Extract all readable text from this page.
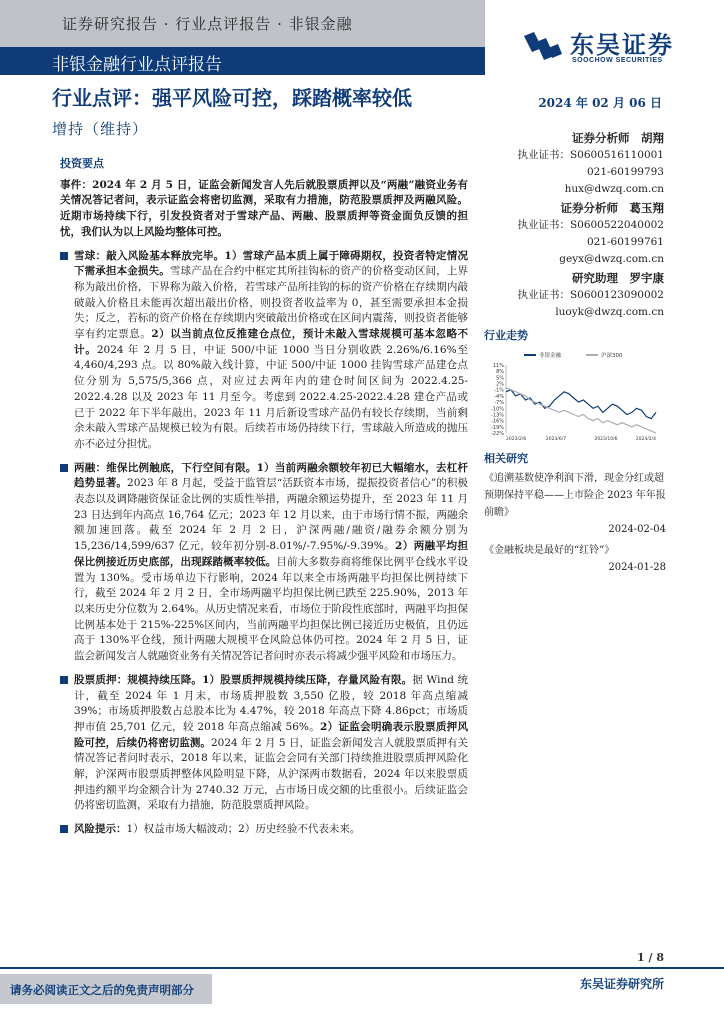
证券研究报告 · 行业点评报告 · 非银金融
非银金融行业点评报告
东吴证券
SOOCHOW SECURITIES
行业点评：强平风险可控，踩踏概率较低	2024 年 02 月 06 日
增持（维持）	证券分析师　胡翔
执业证书：S0600516110001
021-60199793
hux@dwzq.com.cn
证券分析师　葛玉翔
执业证书：S0600522040002
021-60199761
geyx@dwzq.com.cn
研究助理　罗宇康
执业证书：S0600123090002
luoyk@dwzq.com.cn
投资要点
事件：2024 年 2 月 5 日，证监会新闻发言人先后就股票质押以及“两融”融资业务有关情况答记者问，表示证监会将密切监测，采取有力措施，防范股票质押及两融风险。近期市场持续下行，引发投资者对于雪球产品、两融、股票质押等资金面负反馈的担忧，我们认为以上风险均整体可控。
雪球：敲入风险基本释放完毕。1）雪球产品本质上属于障碍期权，投资者特定情况下需承担本金损失。雪球产品在合约中框定其所挂钩标的资产的价格变动区间，上界称为敲出价格，下界称为敲入价格，若雪球产品所挂钩的标的资产价格在存续期内敲破敲入价格且未能再次超出敲出价格，则投资者收益率为 0，甚至需要承担本金损失；反之，若标的资产价格在存续期内突破敲出价格或在区间内震荡，则投资者能够享有约定票息。2）以当前点位反推建仓点位，预计未敲入雪球规模可基本忽略不计。2024 年 2 月 5 日，中证 500/中证 1000 当日分别收跌 2.26%/6.16%至 4,460/4,293 点。以 80%敲入线计算，中证 500/中证 1000 挂钩雪球产品建仓点位分别为 5,575/5,366 点，对应过去两年内的建仓时间区间为 2022.4.25-2022.4.28 以及 2023 年 11 月至今。考虑到 2022.4.25-2022.4.28 建仓产品或已于 2022 年下半年敲出，2023 年 11 月后新设雪球产品仍有较长存续期，当前剩余未敲入雪球产品规模已较为有限。后续若市场仍持续下行，雪球敲入所造成的抛压亦不必过分担忧。
两融：维保比例触底，下行空间有限。1）当前两融余额较年初已大幅缩水，去杠杆趋势显著。2023 年 8 月起，受益于监管层“活跃资本市场，提振投资者信心”的积极表态以及调降融资保证金比例的实质性举措，两融余额运势提升，至 2023 年 11 月 23 日达到年内高点 16,764 亿元；2023 年 12 月以来，由于市场行情不振，两融余额加速回落。截至 2024 年 2 月 2 日，沪深两融/融资/融券余额分别为 15,236/14,599/637 亿元，较年初分别-8.01%/-7.95%/-9.39%。2）两融平均担保比例接近历史底部，出现踩踏概率较低。目前大多数券商将维保比例平仓线水平设置为 130%。受市场单边下行影响，2024 年以来全市场两融平均担保比例持续下行，截至 2024 年 2 月 2 日，全市场两融平均担保比例已跌至 225.90%，2013 年以来历史分位数为 2.64%。从历史情况来看，市场位于阶段性底部时，两融平均担保比例基本处于 215%-225%区间内，当前两融平均担保比例已接近历史极值，且仍远高于 130%平仓线，预计两融大规模平仓风险总体仍可控。2024 年 2 月 5 日，证监会新闻发言人就融资业务有关情况答记者问时亦表示将减少强平风险和市场压力。
股票质押：规模持续压降。1）股票质押规模持续压降，存量风险有限。据 Wind 统计，截至 2024 年 1 月末，市场质押股数 3,550 亿股，较 2018 年高点缩减 39%；市场质押股数占总股本比为 4.47%，较 2018 年高点下降 4.86pct；市场质押市值 25,701 亿元，较 2018 年高点缩减 56%。2）证监会明确表示股票质押风险可控，后续仍将密切监测。2024 年 2 月 5 日，证监会新闻发言人就股票质押有关情况答记者问时表示，2018 年以来，证监会会同有关部门持续推进股票质押风险化解，沪深两市股票质押整体风险明显下降，从沪深两市数据看，2024 年以来股票质押违约额平均金额合计为 2740.32 万元，占市场日成交额的比重很小。后续证监会仍将密切监测，采取有力措施，防范股票质押风险。
风险提示：1）权益市场大幅波动；2）历史经验不代表未来。
行业走势
11%
8%
5%
2%
-1%
-4%
-7%
-10%
-13%
-16%
-19%
-22%
2023/2/6	2023/6/7	2023/10/6	2024/2/4
非银金融	沪深300
相关研究
《追溯基数使净利润下滑，现金分红或超预期保持平稳——上市险企 2023 年年报前瞻》
2024-02-04
《金融板块是最好的“红铃”》
2024-01-28
1 / 8
请务必阅读正文之后的免责声明部分	东吴证券研究所
